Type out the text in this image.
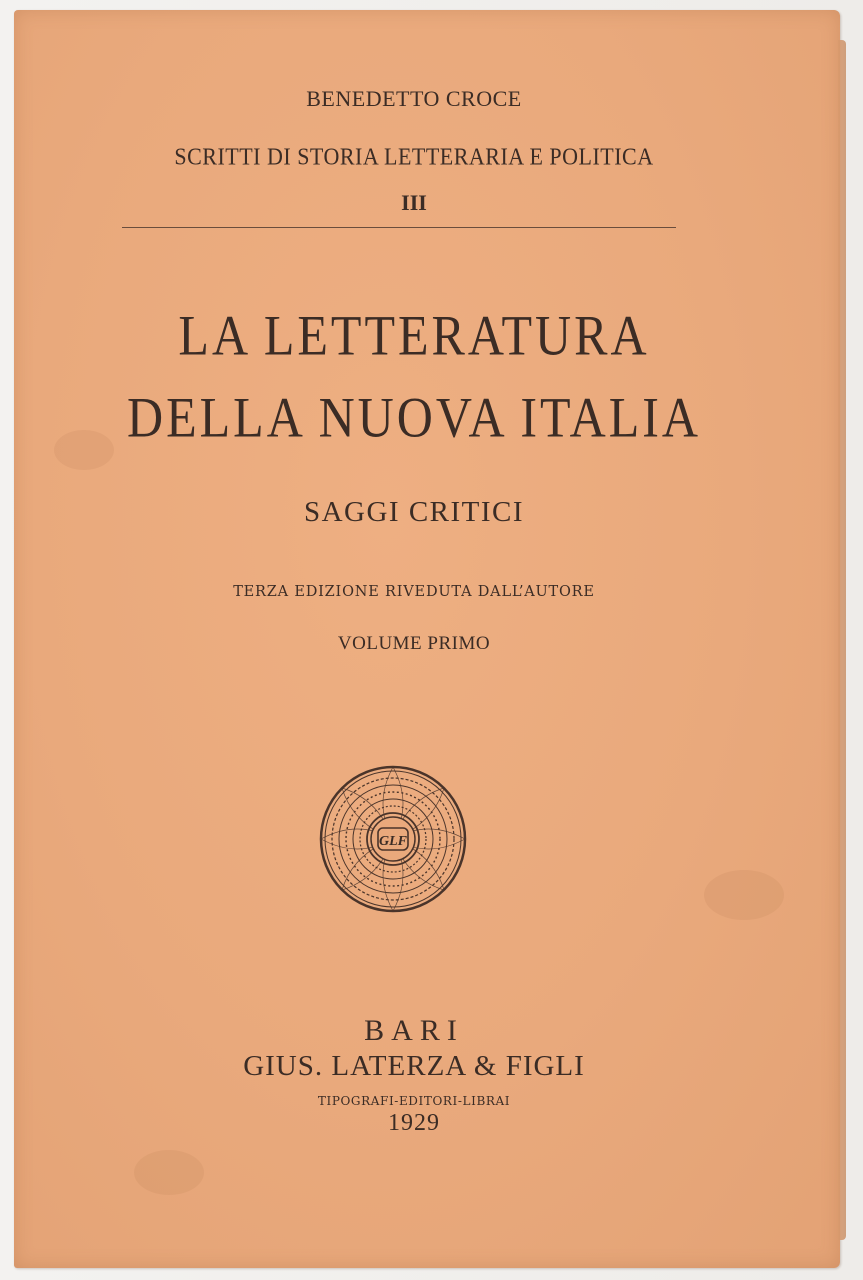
BENEDETTO CROCE
SCRITTI DI STORIA LETTERARIA E POLITICA
III
LA LETTERATURA
DELLA NUOVA ITALIA
SAGGI CRITICI
TERZA EDIZIONE RIVEDUTA DALL’AUTORE
VOLUME PRIMO
GLF
BARI
GIUS. LATERZA & FIGLI
TIPOGRAFI-EDITORI-LIBRAI
1929
